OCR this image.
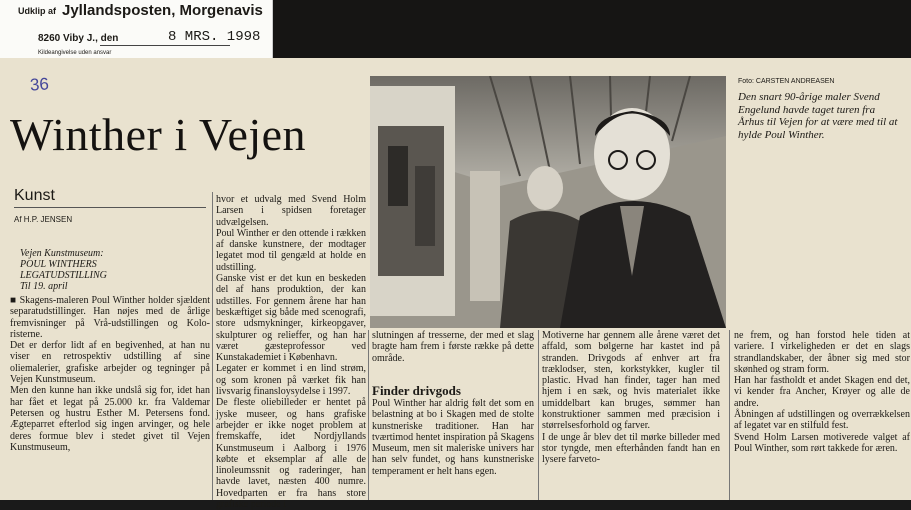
Udklip af Jyllandsposten, Morgenavis
8260 Viby J., den	8 MRS. 1998
Kildeangivelse uden ansvar
36
Winther i Vejen
Kunst
Af H.P. JENSEN
Vejen Kunstmuseum:
POUL WINTHERS
LEGATUDSTILLING
Til 19. april
■ Skagens-maleren Poul Winther holder sjældent separatudstillinger. Han nøjes med de årlige fremvisninger på Vrå-udstillingen og Kolo-risterne.
Det er derfor lidt af en begivenhed, at han nu viser en retrospektiv udstilling af sine oliemalerier, grafiske arbejder og tegninger på Vejen Kunstmuseum.
Men den kunne han ikke undslå sig for, idet han har fået et legat på 25.000 kr. fra Valdemar Petersen og hustru Esther M. Petersens fond. Ægteparret efterlod sig ingen arvinger, og hele deres formue blev i stedet givet til Vejen Kunstmuseum,
hvor et udvalg med Svend Holm Larsen i spidsen foretager udvælgelsen.
Poul Winther er den ottende i rækken af danske kunstnere, der modtager legatet mod til gengæld at holde en udstilling.
Ganske vist er det kun en beskeden del af hans produktion, der kan udstilles. For gennem årene har han beskæftiget sig både med scenografi, store udsmykninger, kirkeopgaver, skulpturer og relieffer, og han har været gæsteprofessor ved Kunstakademiet i København.
Legater er kommet i en lind strøm, og som kronen på værket fik han livsvarig finansloysydelse i 1997.
De fleste oliebilleder er hentet på jyske museer, og hans grafiske arbejder er ikke noget problem at fremskaffe, idet Nordjyllands Kunstmuseum i Aalborg i 1976 købte et eksemplar af alle de linoleumssnit og raderinger, han havde lavet, næsten 400 numre. Hovedparten er fra hans store grafiske periode i
Foto: CARSTEN ANDREASEN
Den snart 90-årige maler Svend Engelund havde taget turen fra Århus til Vejen for at være med til at hylde Poul Winther.
slutningen af tresserne, der med et slag bragte ham frem i første række på dette område.
Finder drivgods
Poul Winther har aldrig følt det som en belastning at bo i Skagen med de stolte kunstneriske traditioner. Han har tværtimod hentet inspiration på Skagens Museum, men sit maleriske univers har han selv fundet, og hans kunstneriske temperament er helt hans egen.
Motiverne har gennem alle årene været det affald, som bølgerne har kastet ind på stranden. Drivgods af enhver art fra træklodser, sten, korkstykker, kugler til plastic. Hvad han finder, tager han med hjem i en sæk, og hvis materialet ikke umiddelbart kan bruges, sømmer han konstruktioner sammen med præcision i størrelsesforhold og farver.
I de unge år blev det til mørke billeder med stor tyngde, men efterhånden fandt han en lysere farveto-
ne frem, og han forstod hele tiden at variere. I virkeligheden er det en slags strandlandskaber, der åbner sig med stor skønhed og stram form.
Han har fastholdt et andet Skagen end det, vi kender fra Ancher, Krøyer og alle de andre.
Åbningen af udstillingen og overrækkelsen af legatet var en stilfuld fest.
Svend Holm Larsen motiverede valget af Poul Winther, som rørt takkede for æren.
